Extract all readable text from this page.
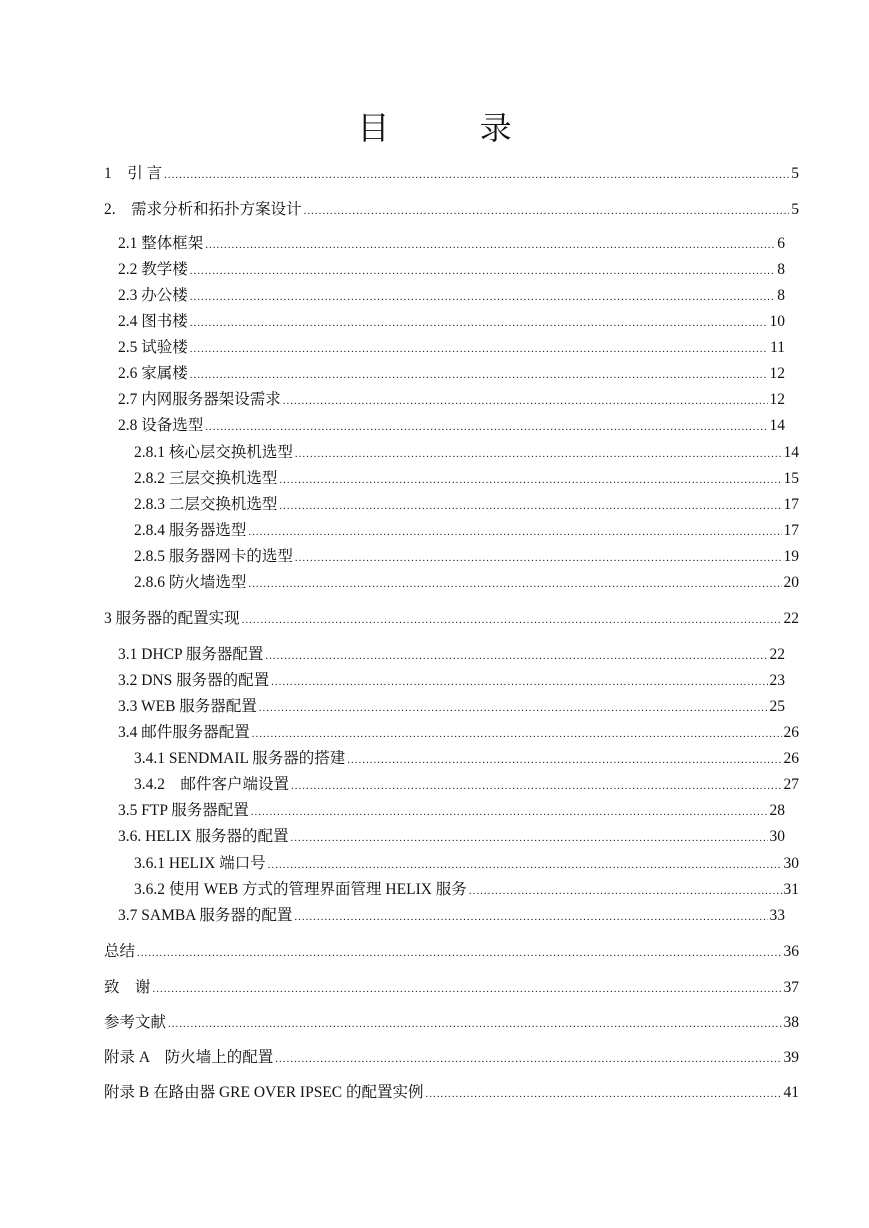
目 录
1　引 言 .....	5
2.　需求分析和拓扑方案设计 .....	5
2.1 整体框架 .....	6
2.2 教学楼 .....	8
2.3 办公楼 .....	8
2.4 图书楼 .....	10
2.5 试验楼 .....	11
2.6 家属楼 .....	12
2.7 内网服务器架设需求 .....	12
2.8 设备选型 .....	14
2.8.1 核心层交换机选型 .....	14
2.8.2 三层交换机选型 .....	15
2.8.3 二层交换机选型 .....	17
2.8.4 服务器选型 .....	17
2.8.5 服务器网卡的选型 .....	19
2.8.6 防火墙选型 .....	20
3 服务器的配置实现 .....	22
3.1 DHCP 服务器配置 .....	22
3.2 DNS 服务器的配置 .....	23
3.3 WEB 服务器配置 .....	25
3.4 邮件服务器配置 .....	26
3.4.1 SENDMAIL 服务器的搭建 .....	26
3.4.2　邮件客户端设置 .....	27
3.5 FTP 服务器配置 .....	28
3.6. HELIX 服务器的配置 .....	30
3.6.1 HELIX 端口号 .....	30
3.6.2 使用 WEB 方式的管理界面管理 HELIX 服务 .....	31
3.7 SAMBA 服务器的配置 .....	33
总结 .....	36
致　谢 .....	37
参考文献 .....	38
附录 A　防火墙上的配置 .....	39
附录 B 在路由器 GRE OVER IPSEC 的配置实例 .....	41
